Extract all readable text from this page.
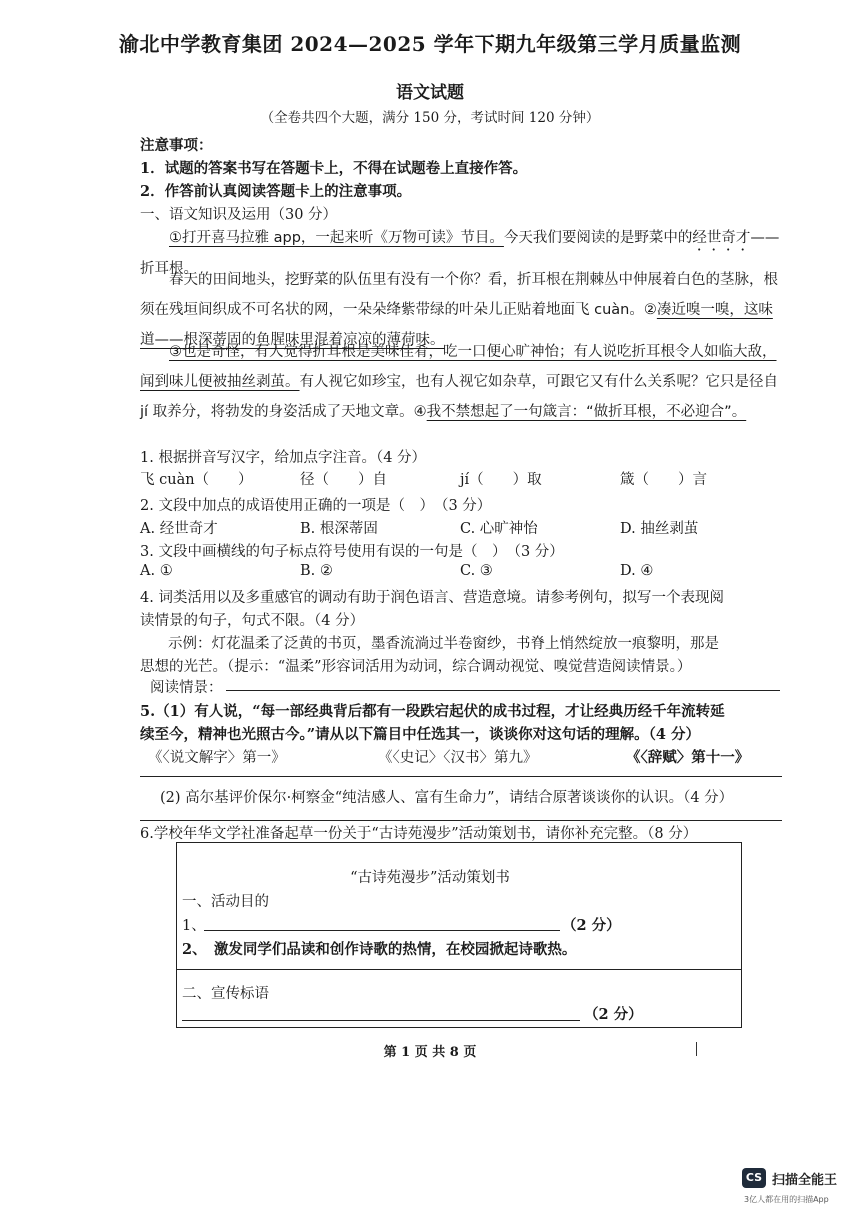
渝北中学教育集团 2024—2025 学年下期九年级第三学月质量监测
语文试题
（全卷共四个大题，满分 150 分，考试时间 120 分钟）
注意事项：
1．试题的答案书写在答题卡上，不得在试题卷上直接作答。
2．作答前认真阅读答题卡上的注意事项。
一、语文知识及运用（30 分）
①打开喜马拉雅 app，一起来听《万物可读》节目。今天我们要阅读的是野菜中的经世奇才——折耳根。
春天的田间地头，挖野菜的队伍里有没有一个你？看，折耳根在荆棘丛中伸展着白色的茎脉，根须在残垣间织成不可名状的网，一朵朵绛紫带绿的叶朵儿正贴着地面飞 cuàn。②凑近嗅一嗅，这味道——根深蒂固的鱼腥味里混着凉凉的薄荷味。
③也是奇怪，有人觉得折耳根是美味佳肴，吃一口便心旷神怡；有人说吃折耳根令人如临大敌，闻到味儿便被抽丝剥茧。有人视它如珍宝，也有人视它如杂草，可跟它又有什么关系呢？它只是径自 jí 取养分，将勃发的身姿活成了天地文章。④我不禁想起了一句箴言：“做折耳根，不必迎合”。
1. 根据拼音写汉字，给加点字注音。（4 分）
飞 cuàn（　　）	径（　　）自	jí（　　）取	箴（　　）言
2. 文段中加点的成语使用正确的一项是（　）　（3 分）
A. 经世奇才	B. 根深蒂固	C. 心旷神怡	D. 抽丝剥茧
3. 文段中画横线的句子标点符号使用有误的一句是（　）　（3 分）
A. ①	B. ②	C. ③	D. ④
4. 词类活用以及多重感官的调动有助于润色语言、营造意境。请参考例句，拟写一个表现阅
读情景的句子，句式不限。（4 分）
示例：灯花温柔了泛黄的书页，墨香流淌过半卷窗纱，书脊上悄然绽放一痕黎明，那是
思想的光芒。（提示：“温柔”形容词活用为动词，综合调动视觉、嗅觉营造阅读情景。）
阅读情景：
5.（1）有人说，“每一部经典背后都有一段跌宕起伏的成书过程，才让经典历经千年流转延
续至今，精神也光照古今。”请从以下篇目中任选其一，谈谈你对这句话的理解。（4 分）
《〈说文解字〉第一》	《〈史记〉〈汉书〉第九》	《〈辞赋〉第十一》
(2) 高尔基评价保尔·柯察金“纯洁感人、富有生命力”，请结合原著谈谈你的认识。（4 分）
6.学校年华文学社准备起草一份关于“古诗苑漫步”活动策划书，请你补充完整。（8 分）
“古诗苑漫步”活动策划书
一、活动目的
1、	（2 分）
2、　激发同学们品读和创作诗歌的热情，在校园掀起诗歌热。
二、宣传标语
（2 分）
第 1 页 共 8 页
CS 扫描全能王
3亿人都在用的扫描App
